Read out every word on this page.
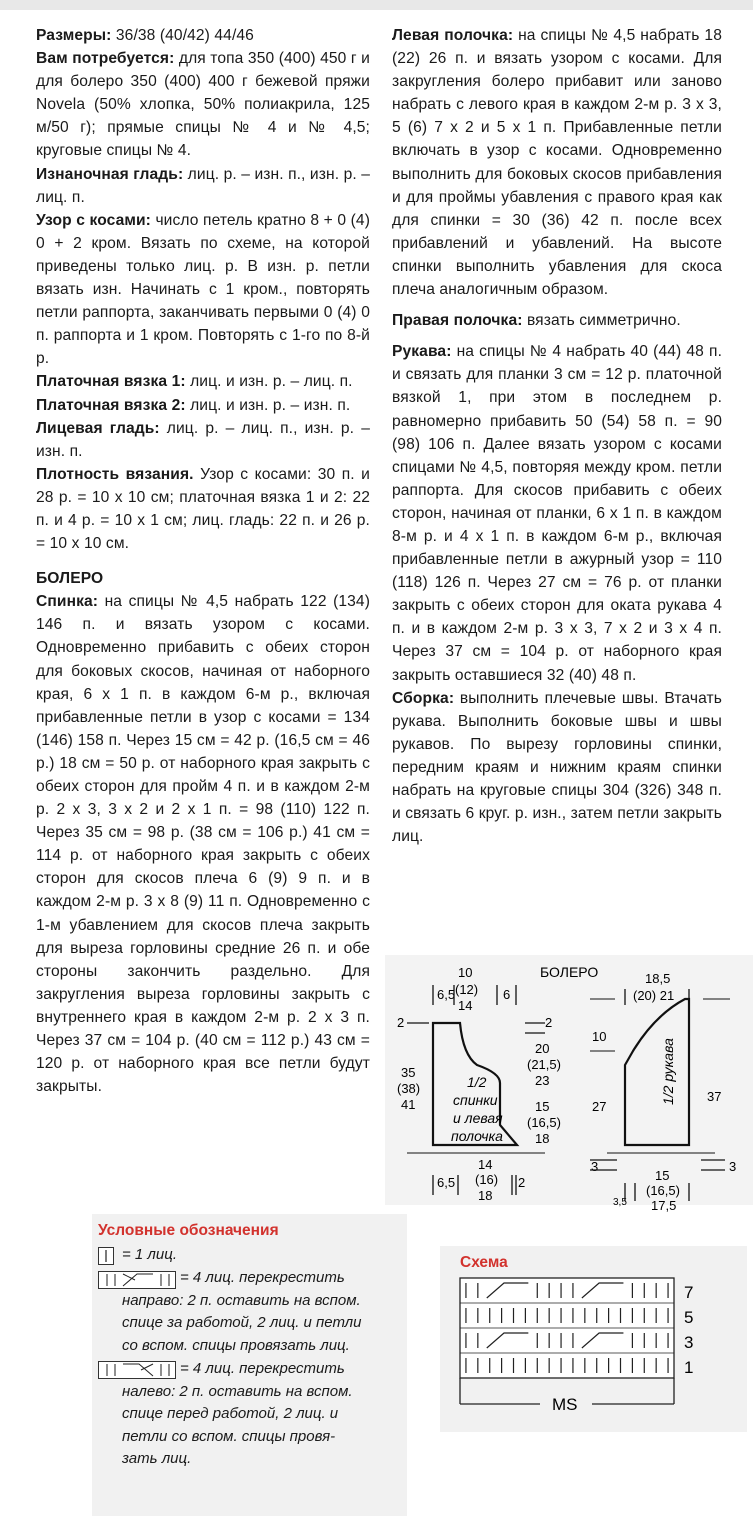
Размеры: 36/38 (40/42) 44/46

Вам потребуется: для топа 350 (400) 450 г и для болеро 350 (400) 400 г бежевой пряжи Novela (50% хлопка, 50% полиакрила, 125 м/50 г); прямые спицы № 4 и № 4,5; круговые спицы № 4.

Изнаночная гладь: лиц. р. – изн. п., изн. р. – лиц. п.

Узор с косами: число петель кратно 8 + 0 (4) 0 + 2 кром. Вязать по схеме, на которой приведены только лиц. р. В изн. р. петли вязать изн. Начинать с 1 кром., повторять петли раппорта, заканчивать первыми 0 (4) 0 п. раппорта и 1 кром. Повторять с 1-го по 8-й р.

Платочная вязка 1: лиц. и изн. р. – лиц. п.

Платочная вязка 2: лиц. и изн. р. – изн. п.

Лицевая гладь: лиц. р. – лиц. п., изн. р. – изн. п.

Плотность вязания. Узор с косами: 30 п. и 28 р. = 10 х 10 см; платочная вязка 1 и 2: 22 п. и 4 р. = 10 х 1 см; лиц. гладь: 22 п. и 26 р. = 10 х 10 см.

БОЛЕРО

Спинка: на спицы № 4,5 набрать 122 (134) 146 п. и вязать узором с косами. Одновременно прибавить с обеих сторон для боковых скосов, начиная от наборного края, 6 х 1 п. в каждом 6-м р., включая прибавленные петли в узор с косами = 134 (146) 158 п. Через 15 см = 42 р. (16,5 см = 46 р.) 18 см = 50 р. от наборного края закрыть с обеих сторон для пройм 4 п. и в каждом 2-м р. 2 х 3, 3 х 2 и 2 х 1 п. = 98 (110) 122 п. Через 35 см = 98 р. (38 см = 106 р.) 41 см = 114 р. от наборного края закрыть с обеих сторон для скосов плеча 6 (9) 9 п. и в каждом 2-м р. 3 х 8 (9) 11 п. Одновременно с 1-м убавлением для скосов плеча закрыть для выреза горловины средние 26 п. и обе стороны закончить раздельно. Для закругления выреза горловины закрыть с внутреннего края в каждом 2-м р. 2 х 3 п. Через 37 см = 104 р. (40 см = 112 р.) 43 см = 120 р. от наборного края все петли будут закрыты.

Левая полочка: на спицы № 4,5 набрать 18 (22) 26 п. и вязать узором с косами. Для закругления болеро прибавит или заново набрать с левого края в каждом 2-м р. 3 х 3, 5 (6) 7 х 2 и 5 х 1 п. Прибавленные петли включать в узор с косами. Одновременно выполнить для боковых скосов прибавления и для проймы убавления с правого края как для спинки = 30 (36) 42 п. после всех прибавлений и убавлений. На высоте спинки выполнить убавления для скоса плеча аналогичным образом.

Правая полочка: вязать симметрично.

Рукава: на спицы № 4 набрать 40 (44) 48 п. и связать для планки 3 см = 12 р. платочной вязкой 1, при этом в последнем р. равномерно прибавить 50 (54) 58 п. = 90 (98) 106 п. Далее вязать узором с косами спицами № 4,5, повторяя между кром. петли раппорта. Для скосов прибавить с обеих сторон, начиная от планки, 6 х 1 п. в каждом 8-м р. и 4 х 1 п. в каждом 6-м р., включая прибавленные петли в ажурный узор = 110 (118) 126 п. Через 27 см = 76 р. от планки закрыть с обеих сторон для оката рукава 4 п. и в каждом 2-м р. 3 х 3, 7 х 2 и 3 х 4 п. Через 37 см = 104 р. от наборного края закрыть оставшиеся 32 (40) 48 п.

Сборка: выполнить плечевые швы. Втачать рукава. Выполнить боковые швы и швы рукавов. По вырезу горловины спинки, передним краям и нижним краям спинки набрать на круговые спицы 304 (326) 348 п. и связать 6 круг. р. изн., затем петли закрыть лиц.

БОЛЕРО
1/2
спинки
и левая
полочка
10
(12)
14
6,5	6
2
35
(38)
41
2
20
(21,5)
23
15
(16,5)
18
14
(16)
18
6,5	2
1/2 рукава
18,5
(20) 21
10
27
37
3	3
15
(16,5)
17,5
3,5
Условные обозначения
= 1 лиц.
= 4 лиц. перекрестить
направо: 2 п. оставить на вспом.
спице за работой, 2 лиц. и петли
со вспом. спицы провязать лиц.
= 4 лиц. перекрестить
налево: 2 п. оставить на вспом.
спице перед работой, 2 лиц. и
петли со вспом. спицы провя-
зать лиц.
Схема
MS
7
5
3
1
